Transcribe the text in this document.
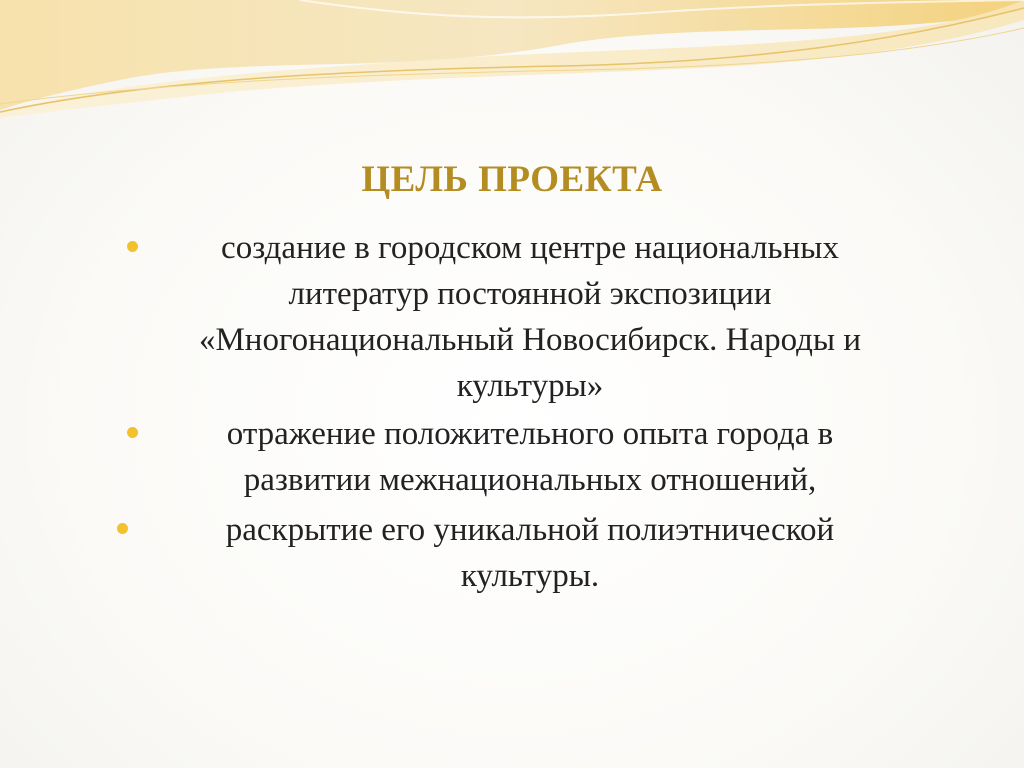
ЦЕЛЬ ПРОЕКТА
создание в городском центре национальных
литератур постоянной экспозиции
«Многонациональный Новосибирск. Народы и
культуры»
отражение положительного опыта города в
развитии межнациональных отношений,
раскрытие его уникальной полиэтнической
культуры.
